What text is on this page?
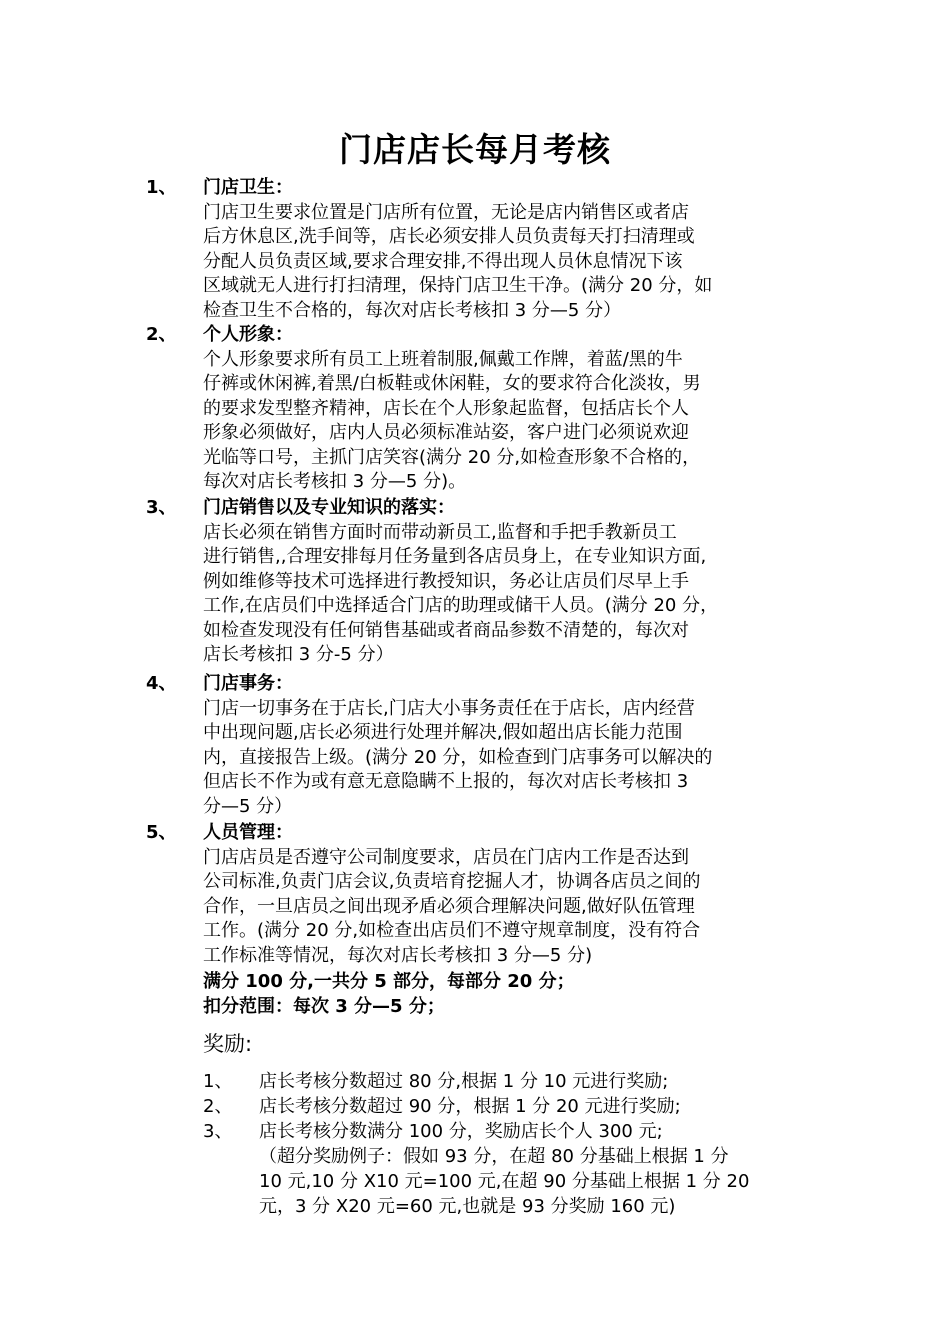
门店店长每月考核
1、 门店卫生：
门店卫生要求位置是门店所有位置，无论是店内销售区或者店
后方休息区,洗手间等，店长必须安排人员负责每天打扫清理或
分配人员负责区域,要求合理安排,不得出现人员休息情况下该
区域就无人进行打扫清理，保持门店卫生干净。(满分 20 分，如
检查卫生不合格的，每次对店长考核扣 3 分—5 分）
2、 个人形象：
个人形象要求所有员工上班着制服,佩戴工作牌，着蓝/黑的牛
仔裤或休闲裤,着黑/白板鞋或休闲鞋，女的要求符合化淡妆，男
的要求发型整齐精神，店长在个人形象起监督，包括店长个人
形象必须做好，店内人员必须标准站姿，客户进门必须说欢迎
光临等口号，主抓门店笑容(满分 20 分,如检查形象不合格的，
每次对店长考核扣 3 分—5 分)。
3、 门店销售以及专业知识的落实：
店长必须在销售方面时而带动新员工,监督和手把手教新员工
进行销售,,合理安排每月任务量到各店员身上，在专业知识方面,
例如维修等技术可选择进行教授知识，务必让店员们尽早上手
工作,在店员们中选择适合门店的助理或储干人员。(满分 20 分，
如检查发现没有任何销售基础或者商品参数不清楚的，每次对
店长考核扣 3 分-5 分）
4、 门店事务：
门店一切事务在于店长,门店大小事务责任在于店长，店内经营
中出现问题,店长必须进行处理并解决,假如超出店长能力范围
内，直接报告上级。(满分 20 分，如检查到门店事务可以解决的
但店长不作为或有意无意隐瞒不上报的，每次对店长考核扣 3
分—5 分）
5、 人员管理：
门店店员是否遵守公司制度要求，店员在门店内工作是否达到
公司标准,负责门店会议,负责培育挖掘人才，协调各店员之间的
合作，一旦店员之间出现矛盾必须合理解决问题,做好队伍管理
工作。(满分 20 分,如检查出店员们不遵守规章制度，没有符合
工作标准等情况，每次对店长考核扣 3 分—5 分)
满分 100 分,一共分 5 部分，每部分 20 分；
扣分范围：每次 3 分—5 分；
奖励:
1、 店长考核分数超过 80 分,根据 1 分 10 元进行奖励;
2、 店长考核分数超过 90 分，根据 1 分 20 元进行奖励;
3、 店长考核分数满分 100 分，奖励店长个人 300 元;
（超分奖励例子：假如 93 分，在超 80 分基础上根据 1 分
10 元,10 分 X10 元=100 元,在超 90 分基础上根据 1 分 20
元，3 分 X20 元=60 元,也就是 93 分奖励 160 元)
